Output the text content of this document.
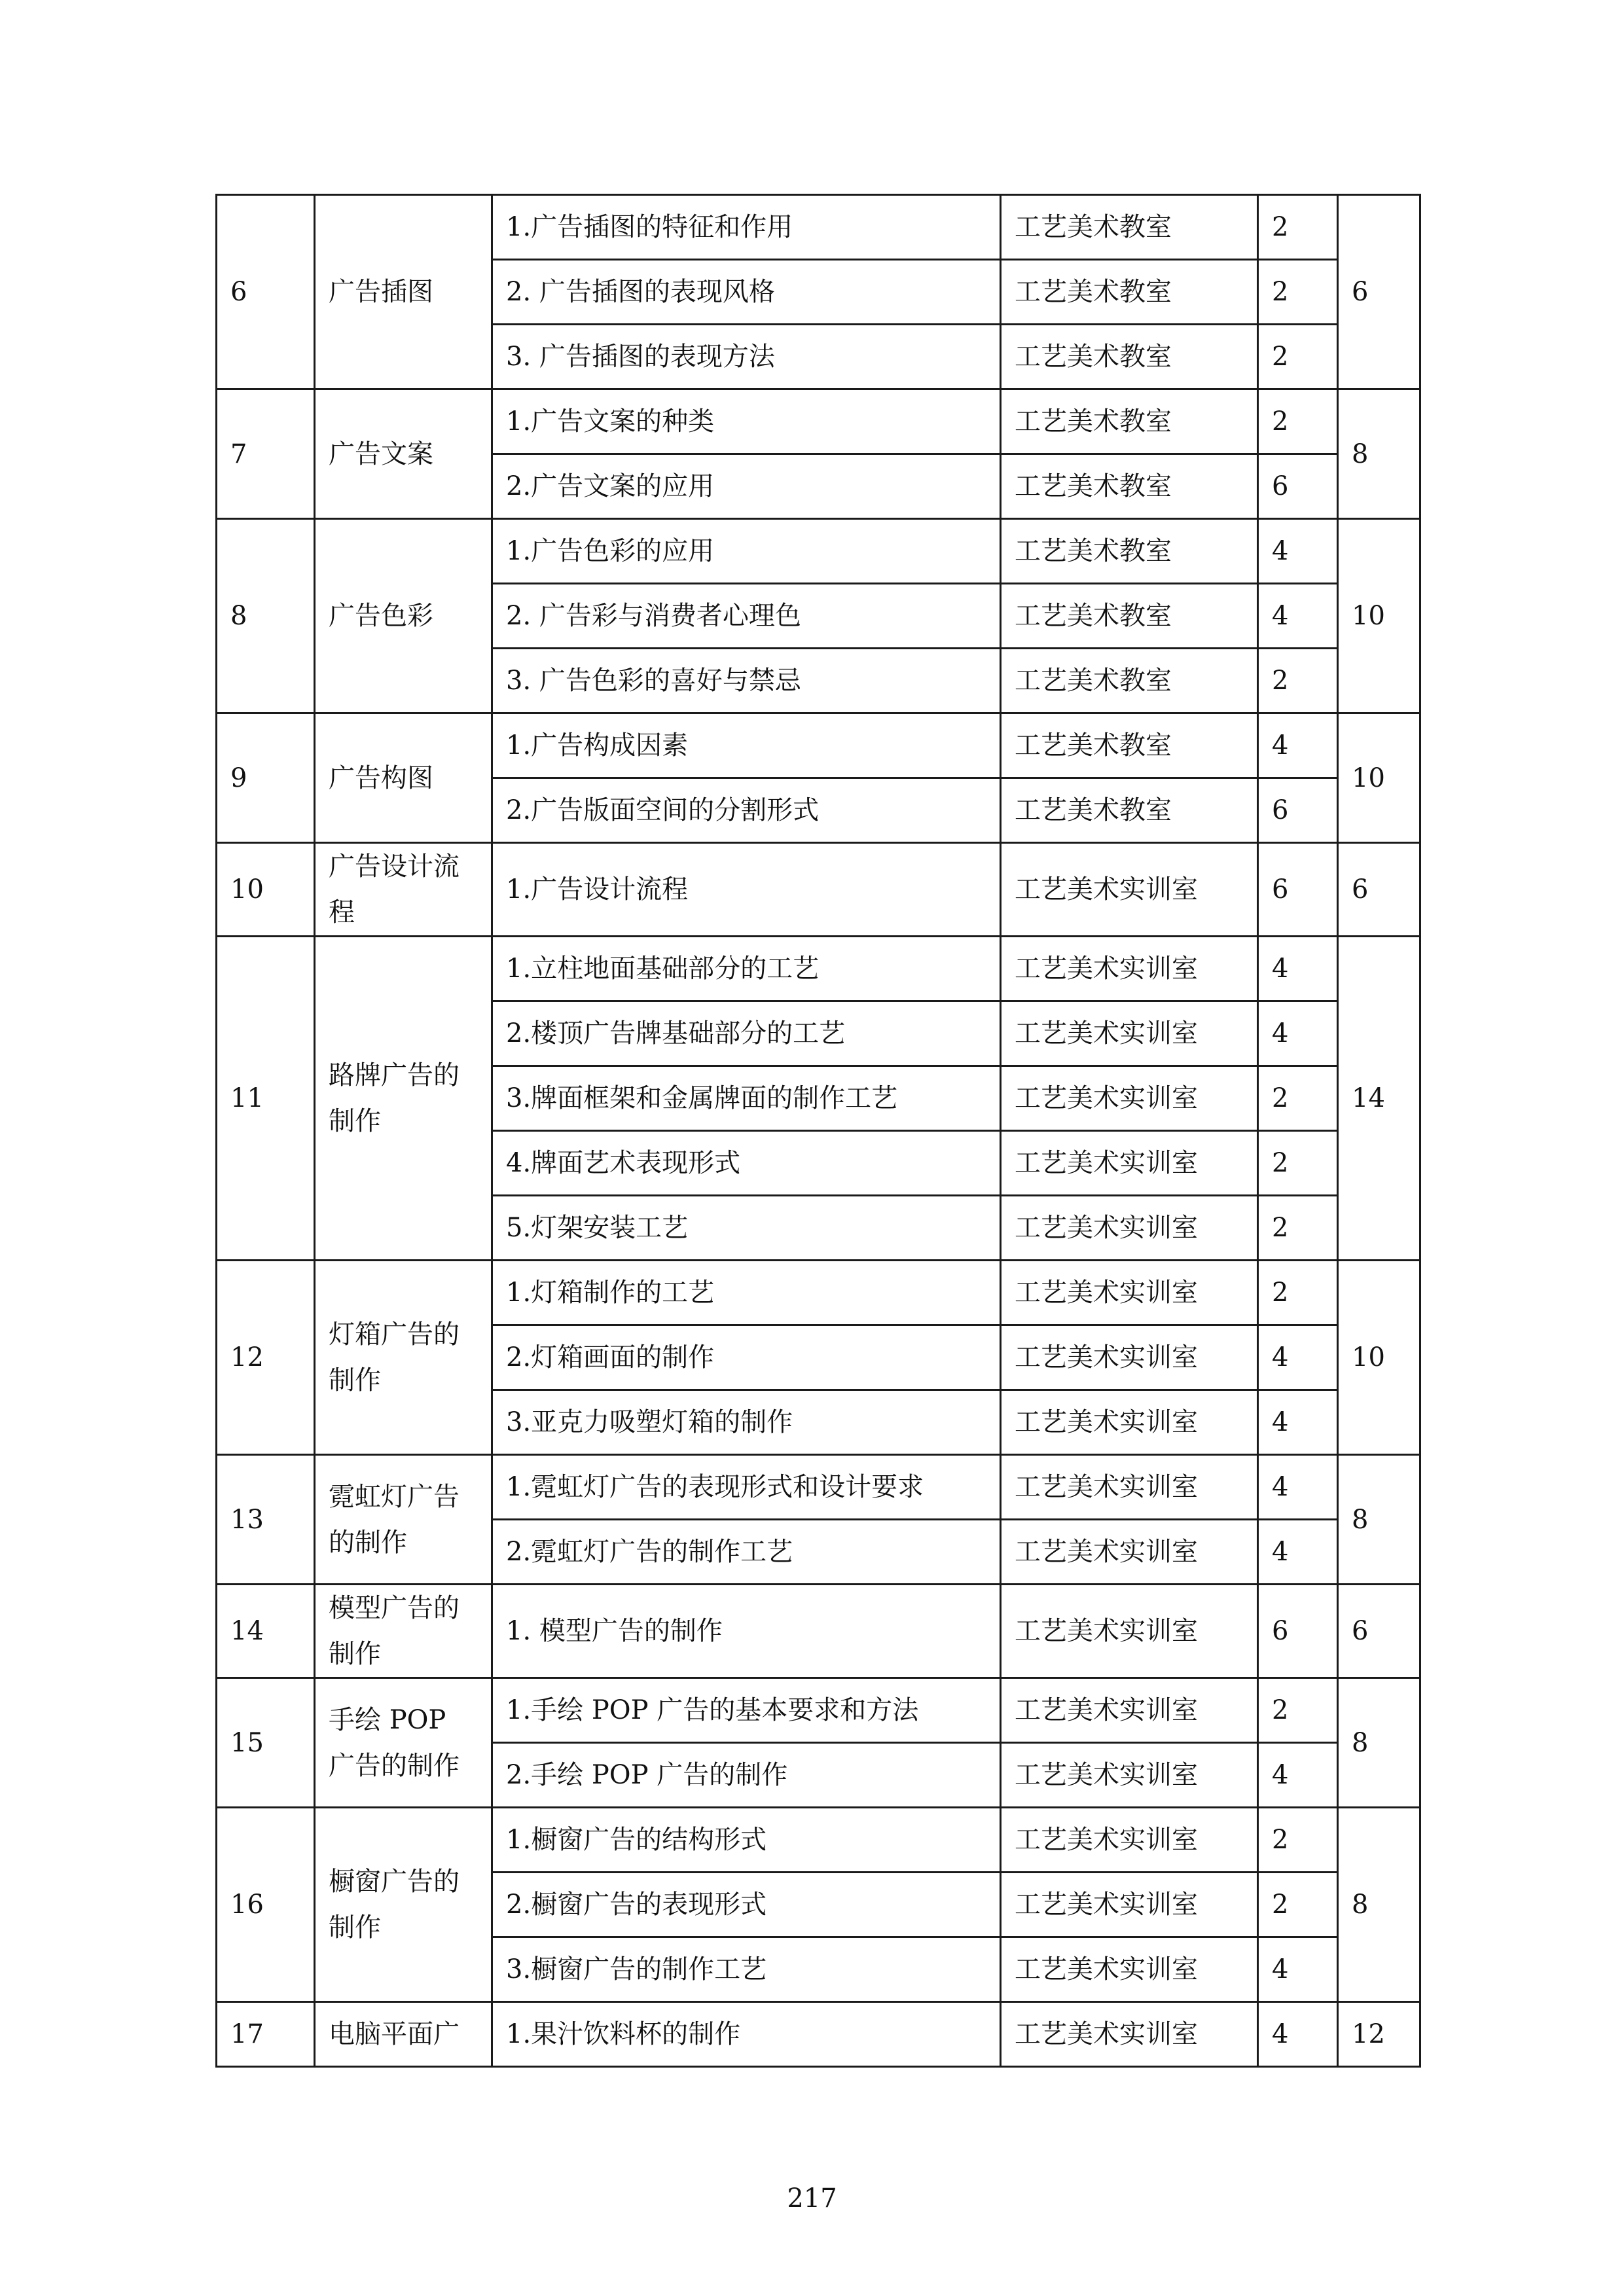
6	广告插图	1.广告插图的特征和作用	工艺美术教室	2	6
		2. 广告插图的表现风格	工艺美术教室	2	
		3. 广告插图的表现方法	工艺美术教室	2	
7	广告文案	1.广告文案的种类	工艺美术教室	2	8
		2.广告文案的应用	工艺美术教室	6	
8	广告色彩	1.广告色彩的应用	工艺美术教室	4	10
		2. 广告彩与消费者心理色	工艺美术教室	4	
		3. 广告色彩的喜好与禁忌	工艺美术教室	2	
9	广告构图	1.广告构成因素	工艺美术教室	4	10
		2.广告版面空间的分割形式	工艺美术教室	6	
10	广告设计流程	1.广告设计流程	工艺美术实训室	6	6
11	路牌广告的制作	1.立柱地面基础部分的工艺	工艺美术实训室	4	14
		2.楼顶广告牌基础部分的工艺	工艺美术实训室	4	
		3.牌面框架和金属牌面的制作工艺	工艺美术实训室	2	
		4.牌面艺术表现形式	工艺美术实训室	2	
		5.灯架安装工艺	工艺美术实训室	2	
12	灯箱广告的制作	1.灯箱制作的工艺	工艺美术实训室	2	10
		2.灯箱画面的制作	工艺美术实训室	4	
		3.亚克力吸塑灯箱的制作	工艺美术实训室	4	
13	霓虹灯广告的制作	1.霓虹灯广告的表现形式和设计要求	工艺美术实训室	4	8
		2.霓虹灯广告的制作工艺	工艺美术实训室	4	
14	模型广告的制作	1. 模型广告的制作	工艺美术实训室	6	6
15	手绘 POP 广告的制作	1.手绘 POP 广告的基本要求和方法	工艺美术实训室	2	8
		2.手绘 POP 广告的制作	工艺美术实训室	4	
16	橱窗广告的制作	1.橱窗广告的结构形式	工艺美术实训室	2	8
		2.橱窗广告的表现形式	工艺美术实训室	2	
		3.橱窗广告的制作工艺	工艺美术实训室	4	
17	电脑平面广	1.果汁饮料杯的制作	工艺美术实训室	4	12
217
